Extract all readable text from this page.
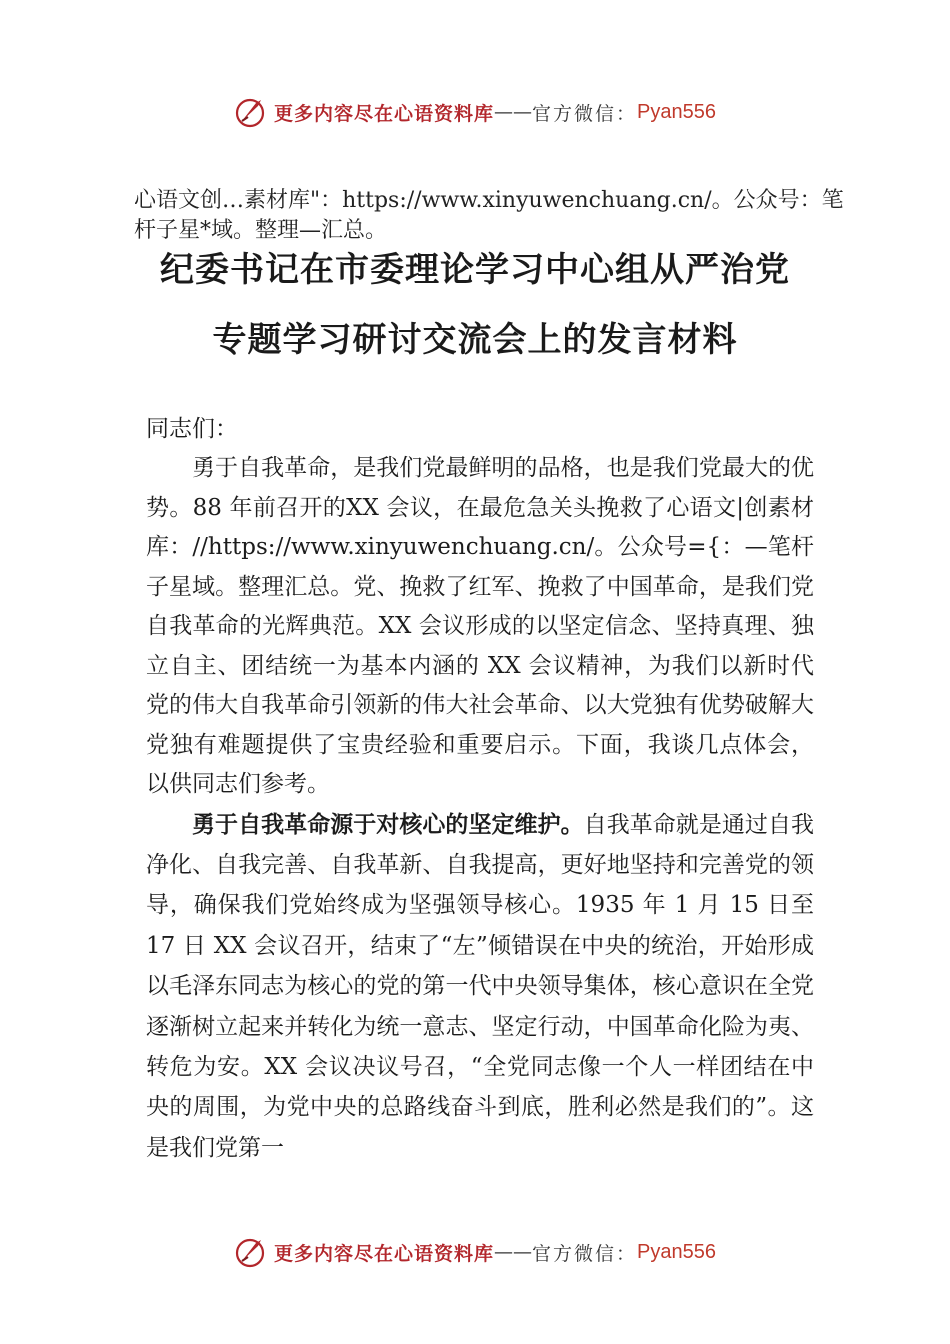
更多内容尽在心语资料库 —— 官方微信： Pyan556

心语文创…素材库"：https://www.xinyuwenchuang.cn/。公众号：笔杆子星*域。整理—汇总。

纪委书记在市委理论学习中心组从严治党
专题学习研讨交流会上的发言材料

同志们：

勇于自我革命，是我们党最鲜明的品格，也是我们党最大的优势。88 年前召开的XX 会议，在最危急关头挽救了心语文|创素材库：//https://www.xinyuwenchuang.cn/。公众号={：—笔杆子星域。整理汇总。党、挽救了红军、挽救了中国革命，是我们党自我革命的光辉典范。XX 会议形成的以坚定信念、坚持真理、独立自主、团结统一为基本内涵的 XX 会议精神，为我们以新时代党的伟大自我革命引领新的伟大社会革命、以大党独有优势破解大党独有难题提供了宝贵经验和重要启示。下面，我谈几点体会， 以供同志们参考。

勇于自我革命源于对核心的坚定维护。自我革命就是通过自我净化、自我完善、自我革新、自我提高，更好地坚持和完善党的领导，确保我们党始终成为坚强领导核心。1935 年 1 月 15 日至 17 日 XX 会议召开，结束了“左”倾错误在中央的统治，开始形成以毛泽东同志为核心的党的第一代中央领导集体，核心意识在全党逐渐树立起来并转化为统一意志、坚定行动，中国革命化险为夷、转危为安。XX 会议决议号召，“全党同志像一个人一样团结在中央的周围，为党中央的总路线奋斗到底，胜利必然是我们的”。这是我们党第一

更多内容尽在心语资料库 —— 官方微信： Pyan556
